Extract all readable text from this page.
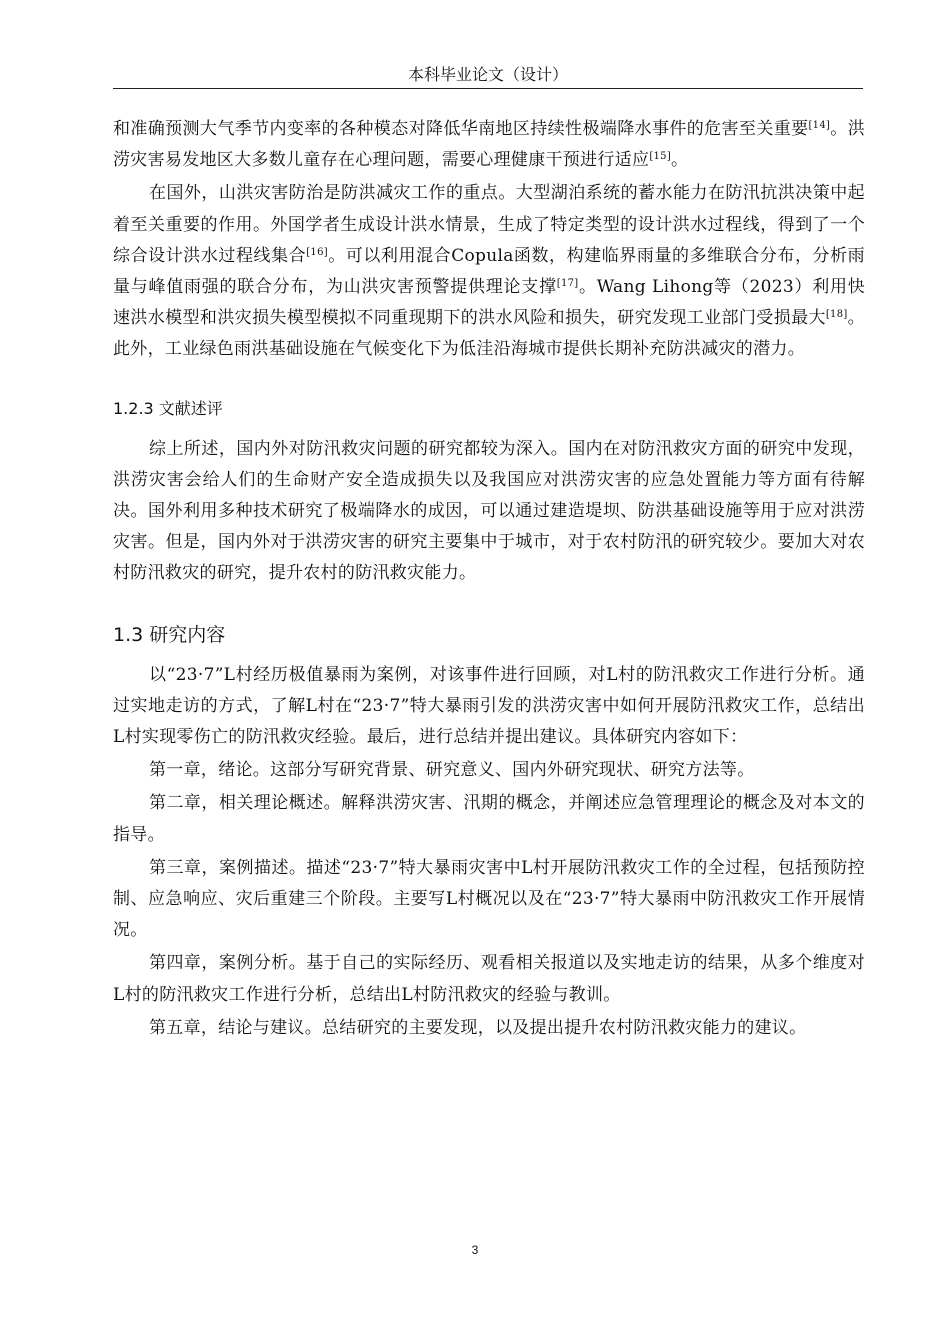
本科毕业论文（设计）

和准确预测大气季节内变率的各种模态对降低华南地区持续性极端降水事件的危害至关重要[14]。洪涝灾害易发地区大多数儿童存在心理问题，需要心理健康干预进行适应[15]。

在国外，山洪灾害防治是防洪减灾工作的重点。大型湖泊系统的蓄水能力在防汛抗洪决策中起着至关重要的作用。外国学者生成设计洪水情景，生成了特定类型的设计洪水过程线，得到了一个综合设计洪水过程线集合[16]。可以利用混合Copula函数，构建临界雨量的多维联合分布，分析雨量与峰值雨强的联合分布，为山洪灾害预警提供理论支撑[17]。Wang Lihong等（2023）利用快速洪水模型和洪灾损失模型模拟不同重现期下的洪水风险和损失，研究发现工业部门受损最大[18]。此外，工业绿色雨洪基础设施在气候变化下为低洼沿海城市提供长期补充防洪减灾的潜力。

1.2.3 文献述评

综上所述，国内外对防汛救灾问题的研究都较为深入。国内在对防汛救灾方面的研究中发现，洪涝灾害会给人们的生命财产安全造成损失以及我国应对洪涝灾害的应急处置能力等方面有待解决。国外利用多种技术研究了极端降水的成因，可以通过建造堤坝、防洪基础设施等用于应对洪涝灾害。但是，国内外对于洪涝灾害的研究主要集中于城市，对于农村防汛的研究较少。要加大对农村防汛救灾的研究，提升农村的防汛救灾能力。

1.3 研究内容

以“23·7”L村经历极值暴雨为案例，对该事件进行回顾，对L村的防汛救灾工作进行分析。通过实地走访的方式，了解L村在“23·7”特大暴雨引发的洪涝灾害中如何开展防汛救灾工作，总结出L村实现零伤亡的防汛救灾经验。最后，进行总结并提出建议。具体研究内容如下：

第一章，绪论。这部分写研究背景、研究意义、国内外研究现状、研究方法等。

第二章，相关理论概述。解释洪涝灾害、汛期的概念，并阐述应急管理理论的概念及对本文的指导。

第三章，案例描述。描述“23·7”特大暴雨灾害中L村开展防汛救灾工作的全过程，包括预防控制、应急响应、灾后重建三个阶段。主要写L村概况以及在“23·7”特大暴雨中防汛救灾工作开展情况。

第四章，案例分析。基于自己的实际经历、观看相关报道以及实地走访的结果，从多个维度对L村的防汛救灾工作进行分析，总结出L村防汛救灾的经验与教训。

第五章，结论与建议。总结研究的主要发现，以及提出提升农村防汛救灾能力的建议。

3
